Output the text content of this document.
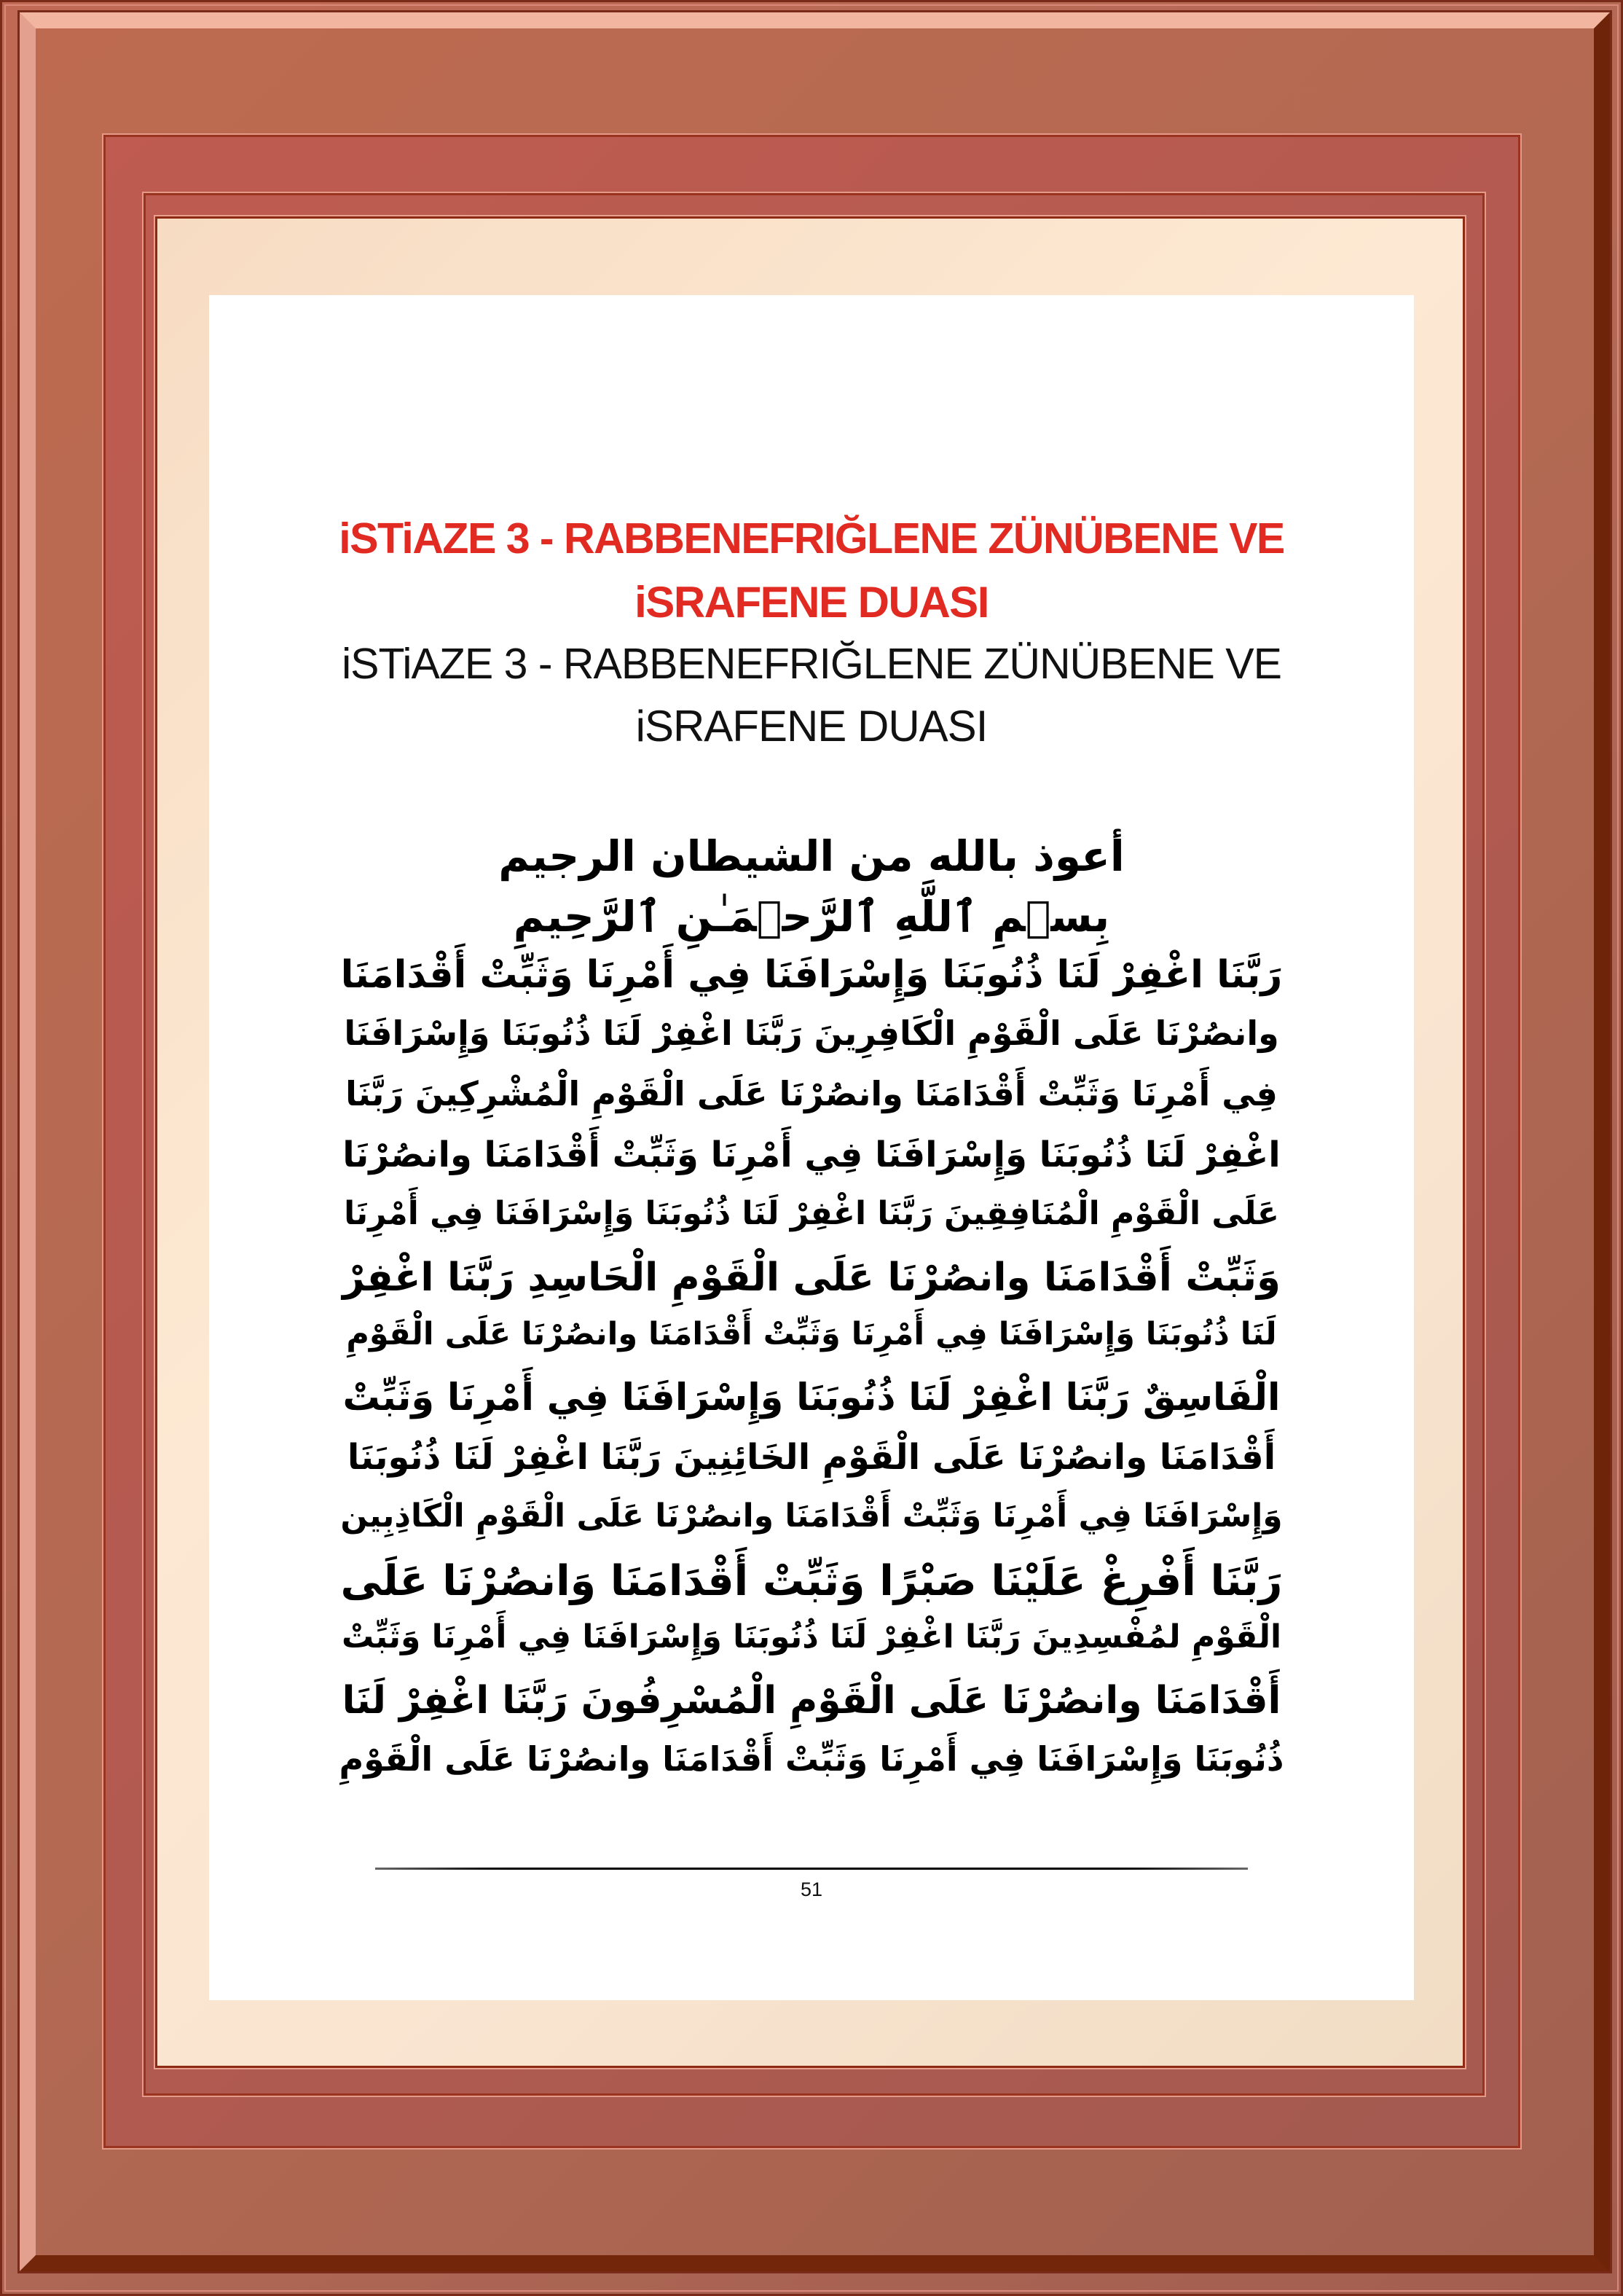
iSTiAZE 3 - RABBENEFRIĞLENE ZÜNÜBENE VE
iSRAFENE DUASI
iSTiAZE 3 - RABBENEFRIĞLENE ZÜNÜBENE VE
iSRAFENE DUASI
أعوذ بالله من الشيطان الرجيم
بِسۡمِ ٱللَّهِ ٱلرَّحۡمَـٰنِ ٱلرَّحِيمِ
رَبَّنَا اغْفِرْ لَنَا ذُنُوبَنَا وَإِسْرَافَنَا فِي أَمْرِنَا وَثَبِّتْ أَقْدَامَنَا
وانصُرْنَا عَلَى الْقَوْمِ الْكَافِرِينَ رَبَّنَا اغْفِرْ لَنَا ذُنُوبَنَا وَإِسْرَافَنَا
فِي أَمْرِنَا وَثَبِّتْ أَقْدَامَنَا وانصُرْنَا عَلَى الْقَوْمِ الْمُشْرِكِينَ رَبَّنَا
اغْفِرْ لَنَا ذُنُوبَنَا وَإِسْرَافَنَا فِي أَمْرِنَا وَثَبِّتْ أَقْدَامَنَا وانصُرْنَا
عَلَى الْقَوْمِ الْمُنَافِقِينَ رَبَّنَا اغْفِرْ لَنَا ذُنُوبَنَا وَإِسْرَافَنَا فِي أَمْرِنَا
وَثَبِّتْ أَقْدَامَنَا وانصُرْنَا عَلَى الْقَوْمِ الْحَاسِدِ رَبَّنَا اغْفِرْ
لَنَا ذُنُوبَنَا وَإِسْرَافَنَا فِي أَمْرِنَا وَثَبِّتْ أَقْدَامَنَا وانصُرْنَا عَلَى الْقَوْمِ
الْفَاسِقٌ رَبَّنَا اغْفِرْ لَنَا ذُنُوبَنَا وَإِسْرَافَنَا فِي أَمْرِنَا وَثَبِّتْ
أَقْدَامَنَا وانصُرْنَا عَلَى الْقَوْمِ الخَائِنِينَ رَبَّنَا اغْفِرْ لَنَا ذُنُوبَنَا
وَإِسْرَافَنَا فِي أَمْرِنَا وَثَبِّتْ أَقْدَامَنَا وانصُرْنَا عَلَى الْقَوْمِ الْكَاذِبِين
رَبَّنَا أَفْرِغْ عَلَيْنَا صَبْرًا وَثَبِّتْ أَقْدَامَنَا وَانصُرْنَا عَلَى
الْقَوْمِ لمُفْسِدِينَ رَبَّنَا اغْفِرْ لَنَا ذُنُوبَنَا وَإِسْرَافَنَا فِي أَمْرِنَا وَثَبِّتْ
أَقْدَامَنَا وانصُرْنَا عَلَى الْقَوْمِ الْمُسْرِفُونَ رَبَّنَا اغْفِرْ لَنَا
ذُنُوبَنَا وَإِسْرَافَنَا فِي أَمْرِنَا وَثَبِّتْ أَقْدَامَنَا وانصُرْنَا عَلَى الْقَوْمِ
51
